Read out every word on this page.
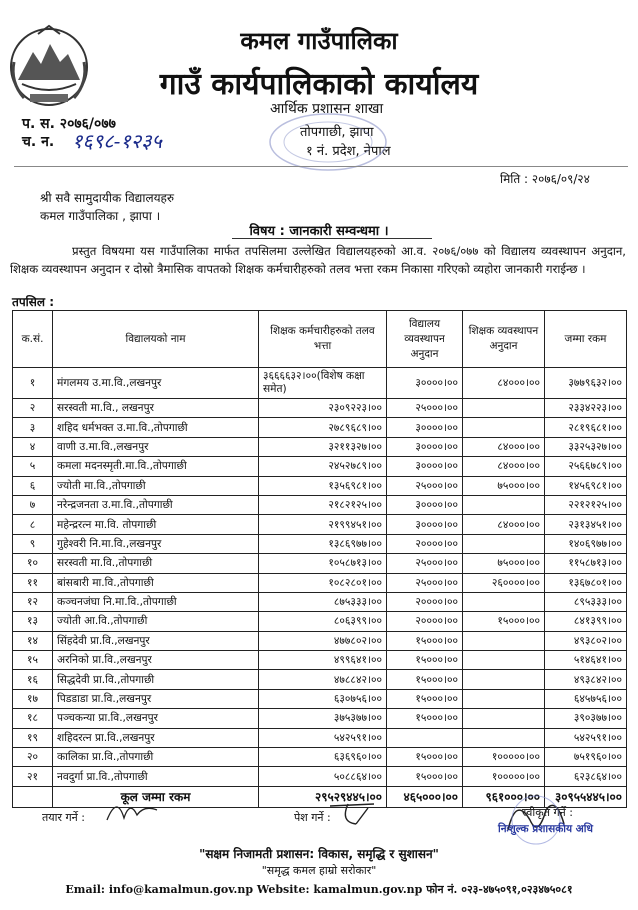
कमल गाउँपालिका
गाउँ कार्यपालिकाको कार्यालय
आर्थिक प्रशासन शाखा
तोपगाछी, झापा
१ नं. प्रदेश, नेपाल
प. स. २०७६/०७७
च. न. १६९८-१२३५
मिति : २०७६/०९/२४
श्री सवै सामुदायीक विद्यालयहरु
कमल गाउँपालिका , झापा ।
विषय : जानकारी सम्वन्धमा ।
प्रस्तुत विषयमा यस गाउँपालिका मार्फत तपसिलमा उल्लेखित विद्यालयहरुको आ.व. २०७६/०७७ को विद्यालय व्यवस्थापन अनुदान, शिक्षक व्यवस्थापन अनुदान र दोस्रो त्रैमासिक वापतको शिक्षक कर्मचारीहरुको तलव भत्ता रकम निकासा गरिएको व्यहोरा जानकारी गराईन्छ ।
तपसिल :
क.सं.	विद्यालयको नाम	शिक्षक कर्मचारीहरुको तलव भत्ता	विद्यालय व्यवस्थापन अनुदान	शिक्षक व्यवस्थापन अनुदान	जम्मा रकम
१	मंगलमय उ.मा.वि.,लखनपुर	३६६६६३२।००(विशेष कक्षा समेत)	३००००।००	८४०००।००	३७७९६३२।००
२	सरस्वती मा.वि., लखनपुर	२३०९२२३।००	२५०००।००		२३३४२२३।००
३	शहिद धर्मभक्त उ.मा.वि.,तोपगाछी	२७८९६८९।००	३००००।००		२८१९६८१।००
४	वाणी उ.मा.वि.,लखनपुर	३२११३२७।००	३००००।००	८४०००।००	३३२५३२७।००
५	कमला मदनस्मृती.मा.वि.,तोपगाछी	२४५२७८९।००	३००००।००	८४०००।००	२५६६७८९।००
६	ज्योती मा.वि.,तोपगाछी	१३५६९८१।००	२५०००।००	७५०००।००	१४५६९८१।००
७	नरेन्द्रजनता उ.मा.वि.,तोपगाछी	२१८२१२५।००	३००००।००		२२१२१२५।००
८	महेन्द्ररत्न मा.वि. तोपगाछी	२१९९४५१।००	३००००।००	८४०००।००	२३१३४५१।००
९	गुहेश्वरी नि.मा.वि.,लखनपुर	१३८६९७७।००	२००००।००		१४०६९७७।००
१०	सरस्वती मा.वि.,तोपगाछी	१०५८७१३।००	२५०००।००	७५०००।००	११५८७१३।००
११	बांसबारी मा.वि.,तोपगाछी	१०८२८०१।००	२५०००।००	२६००००।००	१३६७८०१।००
१२	कञ्चनजंघा नि.मा.वि.,तोपगाछी	८७५३३३।००	२००००।००		८९५३३३।००
१३	ज्योती आ.वि.,तोपगाछी	८०६३९९।००	२००००।००	१५०००।००	८४१३९९।००
१४	सिंहदेवी प्रा.वि.,लखनपुर	४७७८०२।००	१५०००।००		४९३८०२।००
१५	अरनिको प्रा.वि.,लखनपुर	४९९६४१।००	१५०००।००		५१४६४१।००
१६	सिद्धदेवी प्रा.वि.,तोपगाछी	४७८८४२।००	१५०००।००		४९३८४२।००
१७	पिडडाडा प्रा.वि.,लखनपुर	६३०७५६।००	१५०००।००		६४५७५६।००
१८	पञ्चकन्या प्रा.वि.,लखनपुर	३७५३७७।००	१५०००।००		३९०३७७।००
१९	शहिदरत्न प्रा.वि.,लखनपुर	५४२५९१।००			५४२५९१।००
२०	कालिका प्रा.वि.,तोपगाछी	६३६९६०।००	१५०००।००	१०००००।००	७५१९६०।००
२१	नवदुर्गा प्रा.वि.,तोपगाछी	५०८८६४।००	१५०००।००	१०००००।००	६२३८६४।००
	कूल जम्मा रकम	२९५२९४४५।००	४६५०००।००	९६१०००।००	३०९५५४४५।००
तयार गर्ने :	पेश गर्ने :	स्वीकृत गर्ने :
निःशुल्क प्रशासकीय अधि
"सक्षम निजामती प्रशासन: विकास, समृद्धि र सुशासन"
"समृद्ध कमल हाम्रो सरोकार"
Email: info@kamalmun.gov.np Website: kamalmun.gov.np फोन नं. ०२३-४७५०९१,०२३४७५०८१
